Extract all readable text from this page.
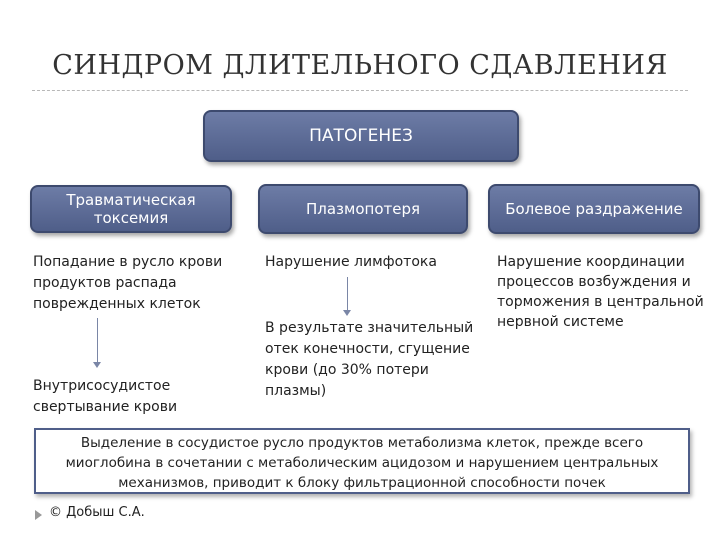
СИНДРОМ ДЛИТЕЛЬНОГО СДАВЛЕНИЯ
ПАТОГЕНЕЗ
Травматическая токсемия	Плазмопотеря	Болевое раздражение
Попадание в русло крови продуктов распада поврежденных клеток
Внутрисосудистое свертывание крови
Нарушение лимфотока
В результате значительный отек конечности, сгущение крови (до 30% потери плазмы)
Нарушение координации процессов возбуждения и торможения в центральной нервной системе
Выделение в сосудистое русло продуктов метаболизма клеток, прежде всего миоглобина в сочетании с метаболическим ацидозом и нарушением центральных механизмов, приводит к блоку фильтрационной способности почек
© Добыш С.А.
